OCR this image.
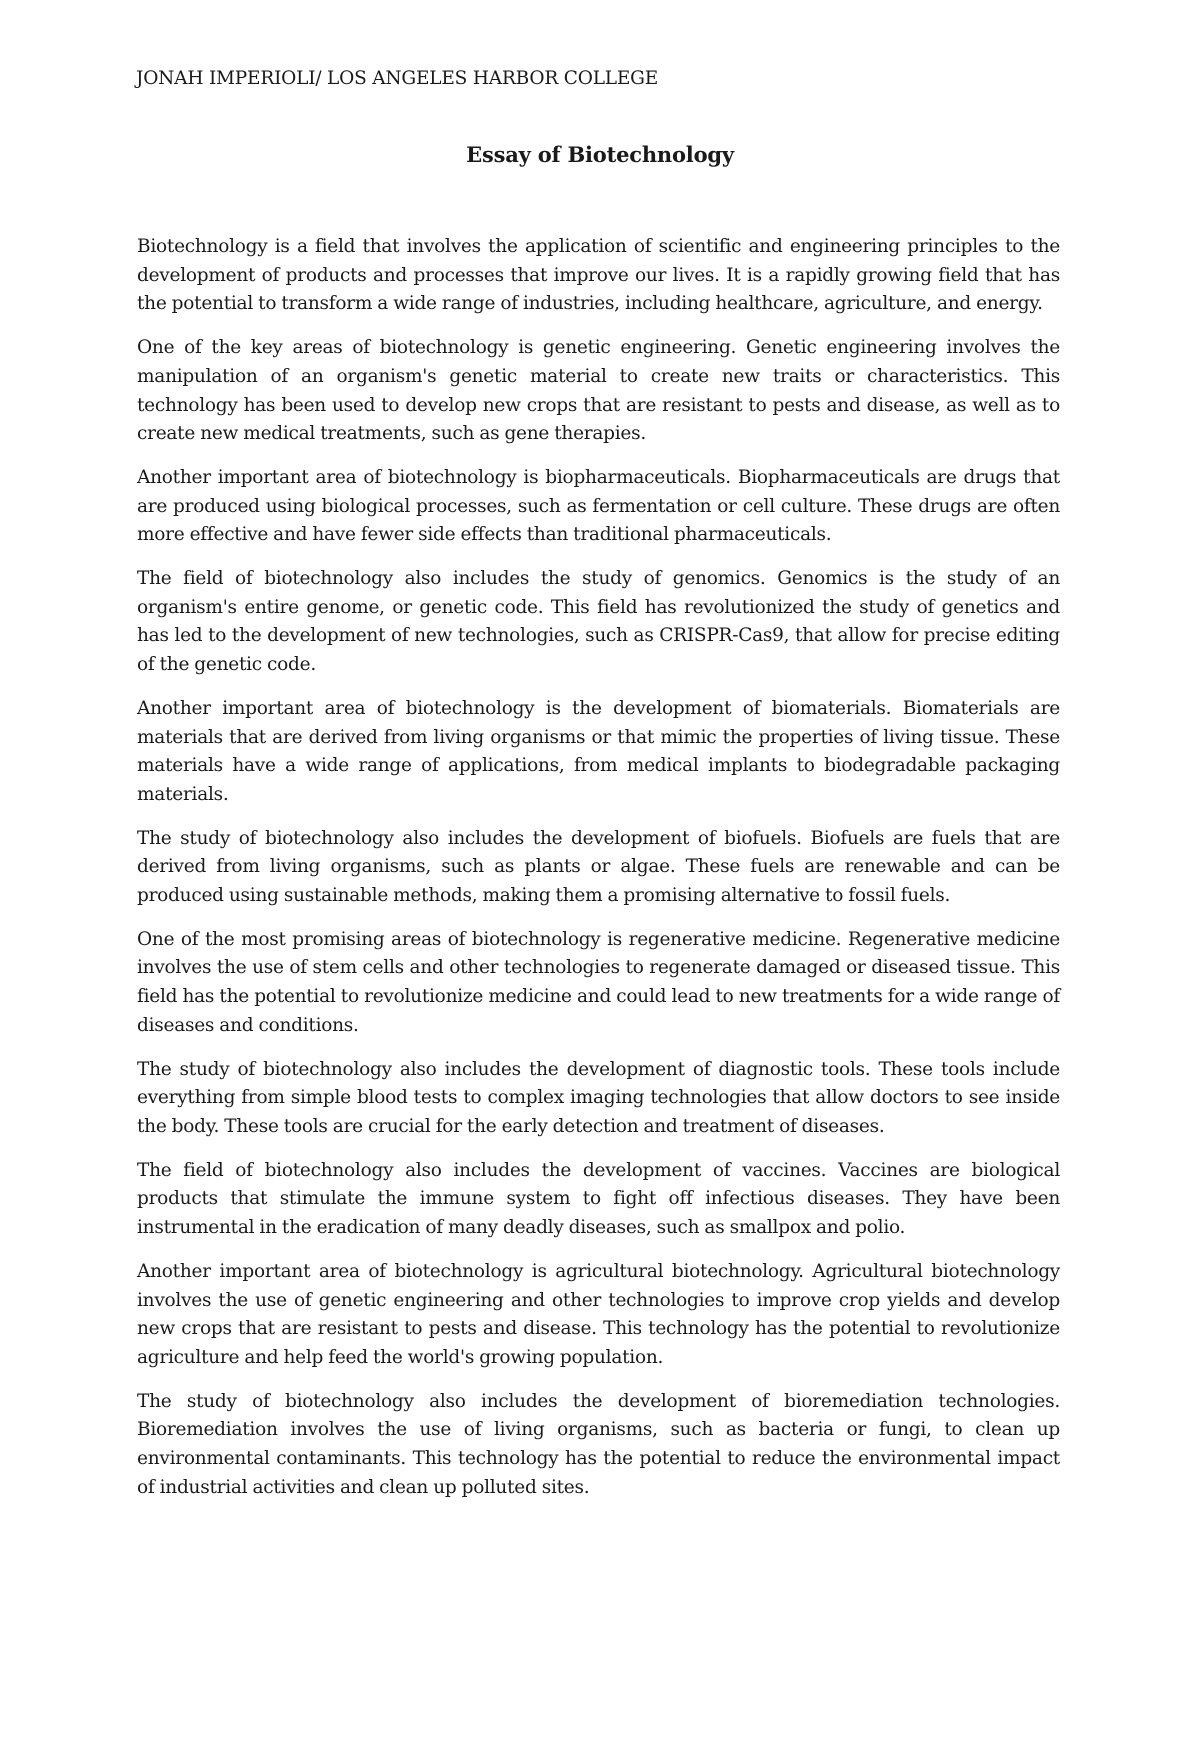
JONAH IMPERIOLI/ LOS ANGELES HARBOR COLLEGE
Essay of Biotechnology

Biotechnology is a field that involves the application of scientific and engineering principles to the development of products and processes that improve our lives. It is a rapidly growing field that has the potential to transform a wide range of industries, including healthcare, agriculture, and energy.

One of the key areas of biotechnology is genetic engineering. Genetic engineering involves the manipulation of an organism's genetic material to create new traits or characteristics. This technology has been used to develop new crops that are resistant to pests and disease, as well as to create new medical treatments, such as gene therapies.

Another important area of biotechnology is biopharmaceuticals. Biopharmaceuticals are drugs that are produced using biological processes, such as fermentation or cell culture. These drugs are often more effective and have fewer side effects than traditional pharmaceuticals.

The field of biotechnology also includes the study of genomics. Genomics is the study of an organism's entire genome, or genetic code. This field has revolutionized the study of genetics and has led to the development of new technologies, such as CRISPR-Cas9, that allow for precise editing of the genetic code.

Another important area of biotechnology is the development of biomaterials. Biomaterials are materials that are derived from living organisms or that mimic the properties of living tissue. These materials have a wide range of applications, from medical implants to biodegradable packaging materials.

The study of biotechnology also includes the development of biofuels. Biofuels are fuels that are derived from living organisms, such as plants or algae. These fuels are renewable and can be produced using sustainable methods, making them a promising alternative to fossil fuels.

One of the most promising areas of biotechnology is regenerative medicine. Regenerative medicine involves the use of stem cells and other technologies to regenerate damaged or diseased tissue. This field has the potential to revolutionize medicine and could lead to new treatments for a wide range of diseases and conditions.

The study of biotechnology also includes the development of diagnostic tools. These tools include everything from simple blood tests to complex imaging technologies that allow doctors to see inside the body. These tools are crucial for the early detection and treatment of diseases.

The field of biotechnology also includes the development of vaccines. Vaccines are biological products that stimulate the immune system to fight off infectious diseases. They have been instrumental in the eradication of many deadly diseases, such as smallpox and polio.

Another important area of biotechnology is agricultural biotechnology. Agricultural biotechnology involves the use of genetic engineering and other technologies to improve crop yields and develop new crops that are resistant to pests and disease. This technology has the potential to revolutionize agriculture and help feed the world's growing population.

The study of biotechnology also includes the development of bioremediation technologies. Bioremediation involves the use of living organisms, such as bacteria or fungi, to clean up environmental contaminants. This technology has the potential to reduce the environmental impact of industrial activities and clean up polluted sites.
